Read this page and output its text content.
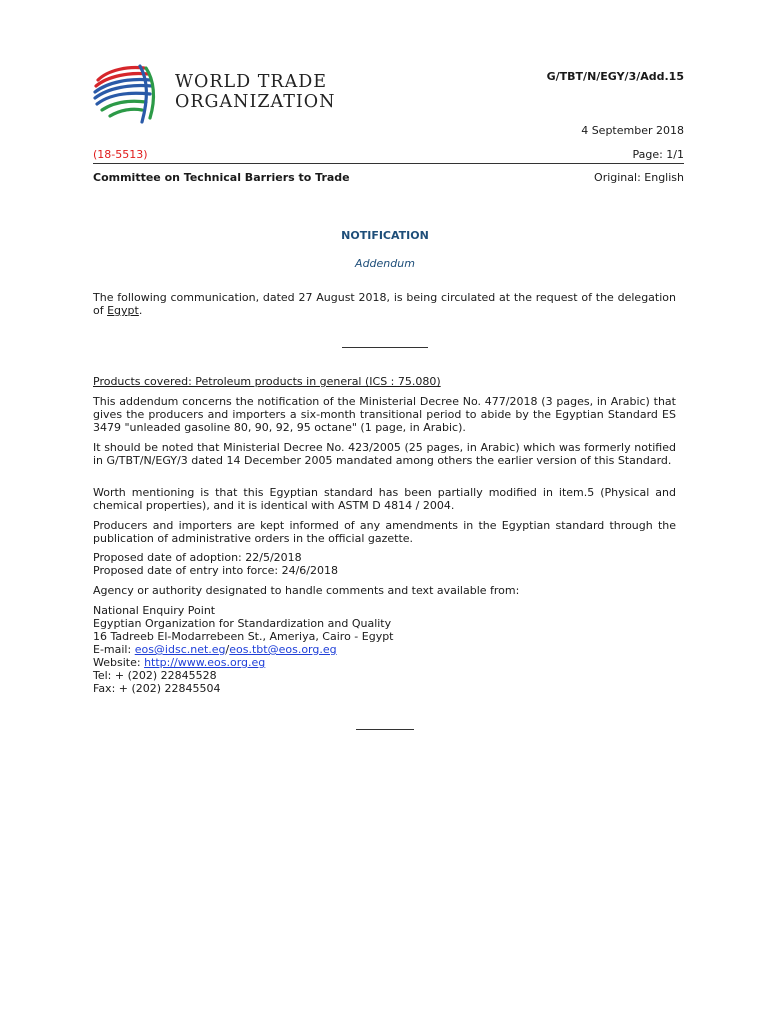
WORLD TRADE
ORGANIZATION
G/TBT/N/EGY/3/Add.15
4 September 2018
(18-5513)	Page: 1/1
Committee on Technical Barriers to Trade	Original: English
NOTIFICATION
Addendum
The following communication, dated 27 August 2018, is being circulated at the request of the delegation of Egypt.
Products covered: Petroleum products in general (ICS : 75.080)
This addendum concerns the notification of the Ministerial Decree No. 477/2018 (3 pages, in Arabic) that gives the producers and importers a six-month transitional period to abide by the Egyptian Standard ES 3479 "unleaded gasoline 80, 90, 92, 95 octane" (1 page, in Arabic).
It should be noted that Ministerial Decree No. 423/2005 (25 pages, in Arabic) which was formerly notified in G/TBT/N/EGY/3 dated 14 December 2005 mandated among others the earlier version of this Standard.
Worth mentioning is that this Egyptian standard has been partially modified in item.5 (Physical and chemical properties), and it is identical with ASTM D 4814 / 2004.
Producers and importers are kept informed of any amendments in the Egyptian standard through the publication of administrative orders in the official gazette.
Proposed date of adoption: 22/5/2018
Proposed date of entry into force: 24/6/2018
Agency or authority designated to handle comments and text available from:
National Enquiry Point
Egyptian Organization for Standardization and Quality
16 Tadreeb El-Modarrebeen St., Ameriya, Cairo - Egypt
E-mail: eos@idsc.net.eg/eos.tbt@eos.org.eg
Website: http://www.eos.org.eg
Tel: + (202) 22845528
Fax: + (202) 22845504
